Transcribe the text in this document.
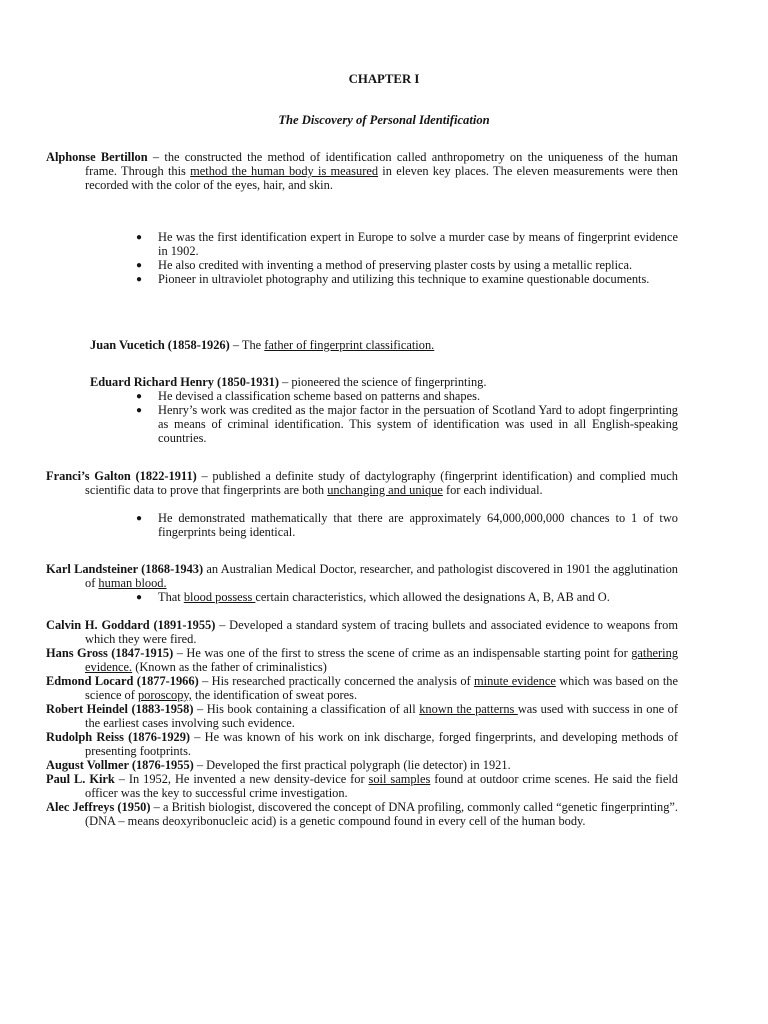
CHAPTER I
The Discovery of Personal Identification
Alphonse Bertillon – the constructed the method of identification called anthropometry on the uniqueness of the human frame. Through this method the human body is measured in eleven key places. The eleven measurements were then recorded with the color of the eyes, hair, and skin.
● He was the first identification expert in Europe to solve a murder case by means of fingerprint evidence in 1902.
● He also credited with inventing a method of preserving plaster costs by using a metallic replica.
● Pioneer in ultraviolet photography and utilizing this technique to examine questionable documents.
Juan Vucetich (1858-1926) – The father of fingerprint classification.
Eduard Richard Henry (1850-1931) – pioneered the science of fingerprinting.
● He devised a classification scheme based on patterns and shapes.
● Henry’s work was credited as the major factor in the persuation of Scotland Yard to adopt fingerprinting as means of criminal identification. This system of identification was used in all English-speaking countries.
Franci’s Galton (1822-1911) – published a definite study of dactylography (fingerprint identification) and complied much scientific data to prove that fingerprints are both unchanging and unique for each individual.
● He demonstrated mathematically that there are approximately 64,000,000,000 chances to 1 of two fingerprints being identical.
Karl Landsteiner (1868-1943) an Australian Medical Doctor, researcher, and pathologist discovered in 1901 the agglutination of human blood.
● That blood possess certain characteristics, which allowed the designations A, B, AB and O.
Calvin H. Goddard (1891-1955) – Developed a standard system of tracing bullets and associated evidence to weapons from which they were fired.
Hans Gross (1847-1915) – He was one of the first to stress the scene of crime as an indispensable starting point for gathering evidence. (Known as the father of criminalistics)
Edmond Locard (1877-1966) – His researched practically concerned the analysis of minute evidence which was based on the science of poroscopy, the identification of sweat pores.
Robert Heindel (1883-1958) – His book containing a classification of all known the patterns was used with success in one of the earliest cases involving such evidence.
Rudolph Reiss (1876-1929) – He was known of his work on ink discharge, forged fingerprints, and developing methods of presenting footprints.
August Vollmer (1876-1955) – Developed the first practical polygraph (lie detector) in 1921.
Paul L. Kirk – In 1952, He invented a new density-device for soil samples found at outdoor crime scenes. He said the field officer was the key to successful crime investigation.
Alec Jeffreys (1950) – a British biologist, discovered the concept of DNA profiling, commonly called “genetic fingerprinting”. (DNA – means deoxyribonucleic acid) is a genetic compound found in every cell of the human body.
